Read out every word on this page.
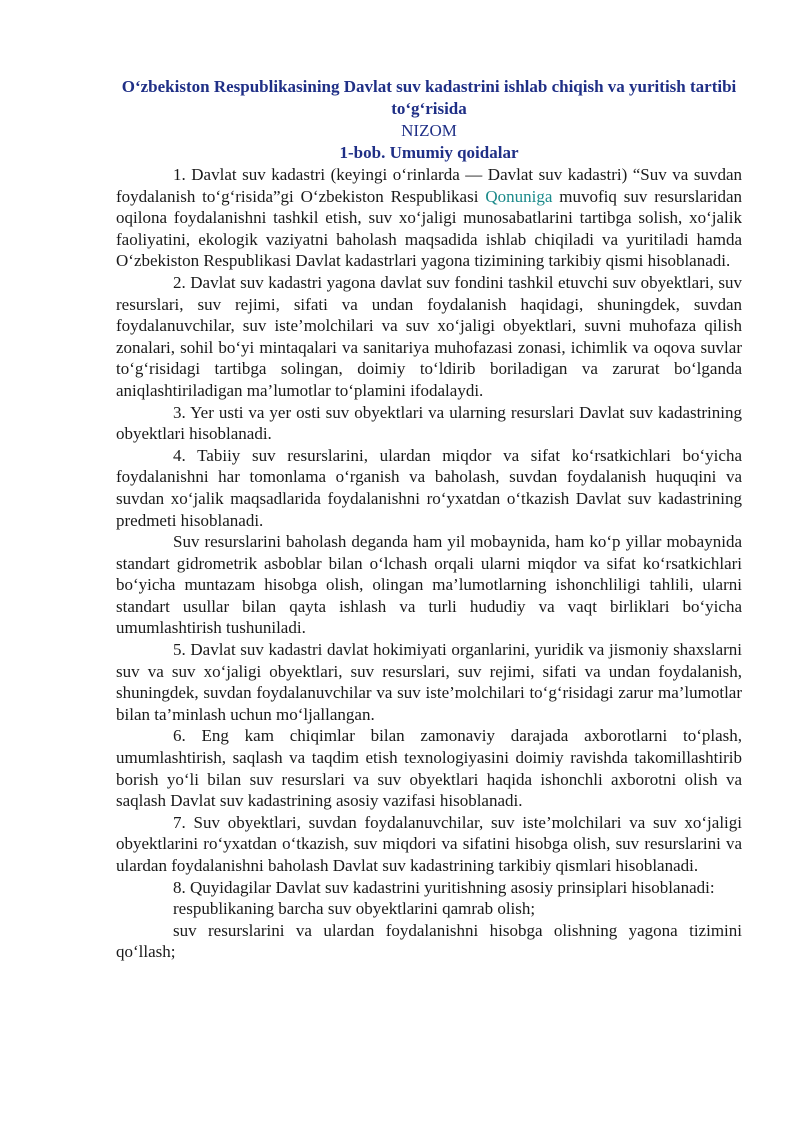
O‘zbekiston Respublikasining Davlat suv kadastrini ishlab chiqish va yuritish tartibi to‘g‘risida

NIZOM

1-bob. Umumiy qoidalar

1. Davlat suv kadastri (keyingi o‘rinlarda — Davlat suv kadastri) “Suv va suvdan foydalanish to‘g‘risida”gi O‘zbekiston Respublikasi Qonuniga muvofiq suv resurslaridan oqilona foydalanishni tashkil etish, suv xo‘jaligi munosabatlarini tartibga solish, xo‘jalik faoliyatini, ekologik vaziyatni baholash maqsadida ishlab chiqiladi va yuritiladi hamda O‘zbekiston Respublikasi Davlat kadastrlari yagona tizimining tarkibiy qismi hisoblanadi.

2. Davlat suv kadastri yagona davlat suv fondini tashkil etuvchi suv obyektlari, suv resurslari, suv rejimi, sifati va undan foydalanish haqidagi, shuningdek, suvdan foydalanuvchilar, suv iste’molchilari va suv xo‘jaligi obyektlari, suvni muhofaza qilish zonalari, sohil bo‘yi mintaqalari va sanitariya muhofazasi zonasi, ichimlik va oqova suvlar to‘g‘risidagi tartibga solingan, doimiy to‘ldirib boriladigan va zarurat bo‘lganda aniqlashtiriladigan ma’lumotlar to‘plamini ifodalaydi.

3. Yer usti va yer osti suv obyektlari va ularning resurslari Davlat suv kadastrining obyektlari hisoblanadi.

4. Tabiiy suv resurslarini, ulardan miqdor va sifat ko‘rsatkichlari bo‘yicha foydalanishni har tomonlama o‘rganish va baholash, suvdan foydalanish huquqini va suvdan xo‘jalik maqsadlarida foydalanishni ro‘yxatdan o‘tkazish Davlat suv kadastrining predmeti hisoblanadi.

Suv resurslarini baholash deganda ham yil mobaynida, ham ko‘p yillar mobaynida standart gidrometrik asboblar bilan o‘lchash orqali ularni miqdor va sifat ko‘rsatkichlari bo‘yicha muntazam hisobga olish, olingan ma’lumotlarning ishonchliligi tahlili, ularni standart usullar bilan qayta ishlash va turli hududiy va vaqt birliklari bo‘yicha umumlashtirish tushuniladi.

5. Davlat suv kadastri davlat hokimiyati organlarini, yuridik va jismoniy shaxslarni suv va suv xo‘jaligi obyektlari, suv resurslari, suv rejimi, sifati va undan foydalanish, shuningdek, suvdan foydalanuvchilar va suv iste’molchilari to‘g‘risidagi zarur ma’lumotlar bilan ta’minlash uchun mo‘ljallangan.

6. Eng kam chiqimlar bilan zamonaviy darajada axborotlarni to‘plash, umumlashtirish, saqlash va taqdim etish texnologiyasini doimiy ravishda takomillashtirib borish yo‘li bilan suv resurslari va suv obyektlari haqida ishonchli axborotni olish va saqlash Davlat suv kadastrining asosiy vazifasi hisoblanadi.

7. Suv obyektlari, suvdan foydalanuvchilar, suv iste’molchilari va suv xo‘jaligi obyektlarini ro‘yxatdan o‘tkazish, suv miqdori va sifatini hisobga olish, suv resurslarini va ulardan foydalanishni baholash Davlat suv kadastrining tarkibiy qismlari hisoblanadi.

8. Quyidagilar Davlat suv kadastrini yuritishning asosiy prinsiplari hisoblanadi:

respublikaning barcha suv obyektlarini qamrab olish;

suv resurslarini va ulardan foydalanishni hisobga olishning yagona tizimini qo‘llash;
